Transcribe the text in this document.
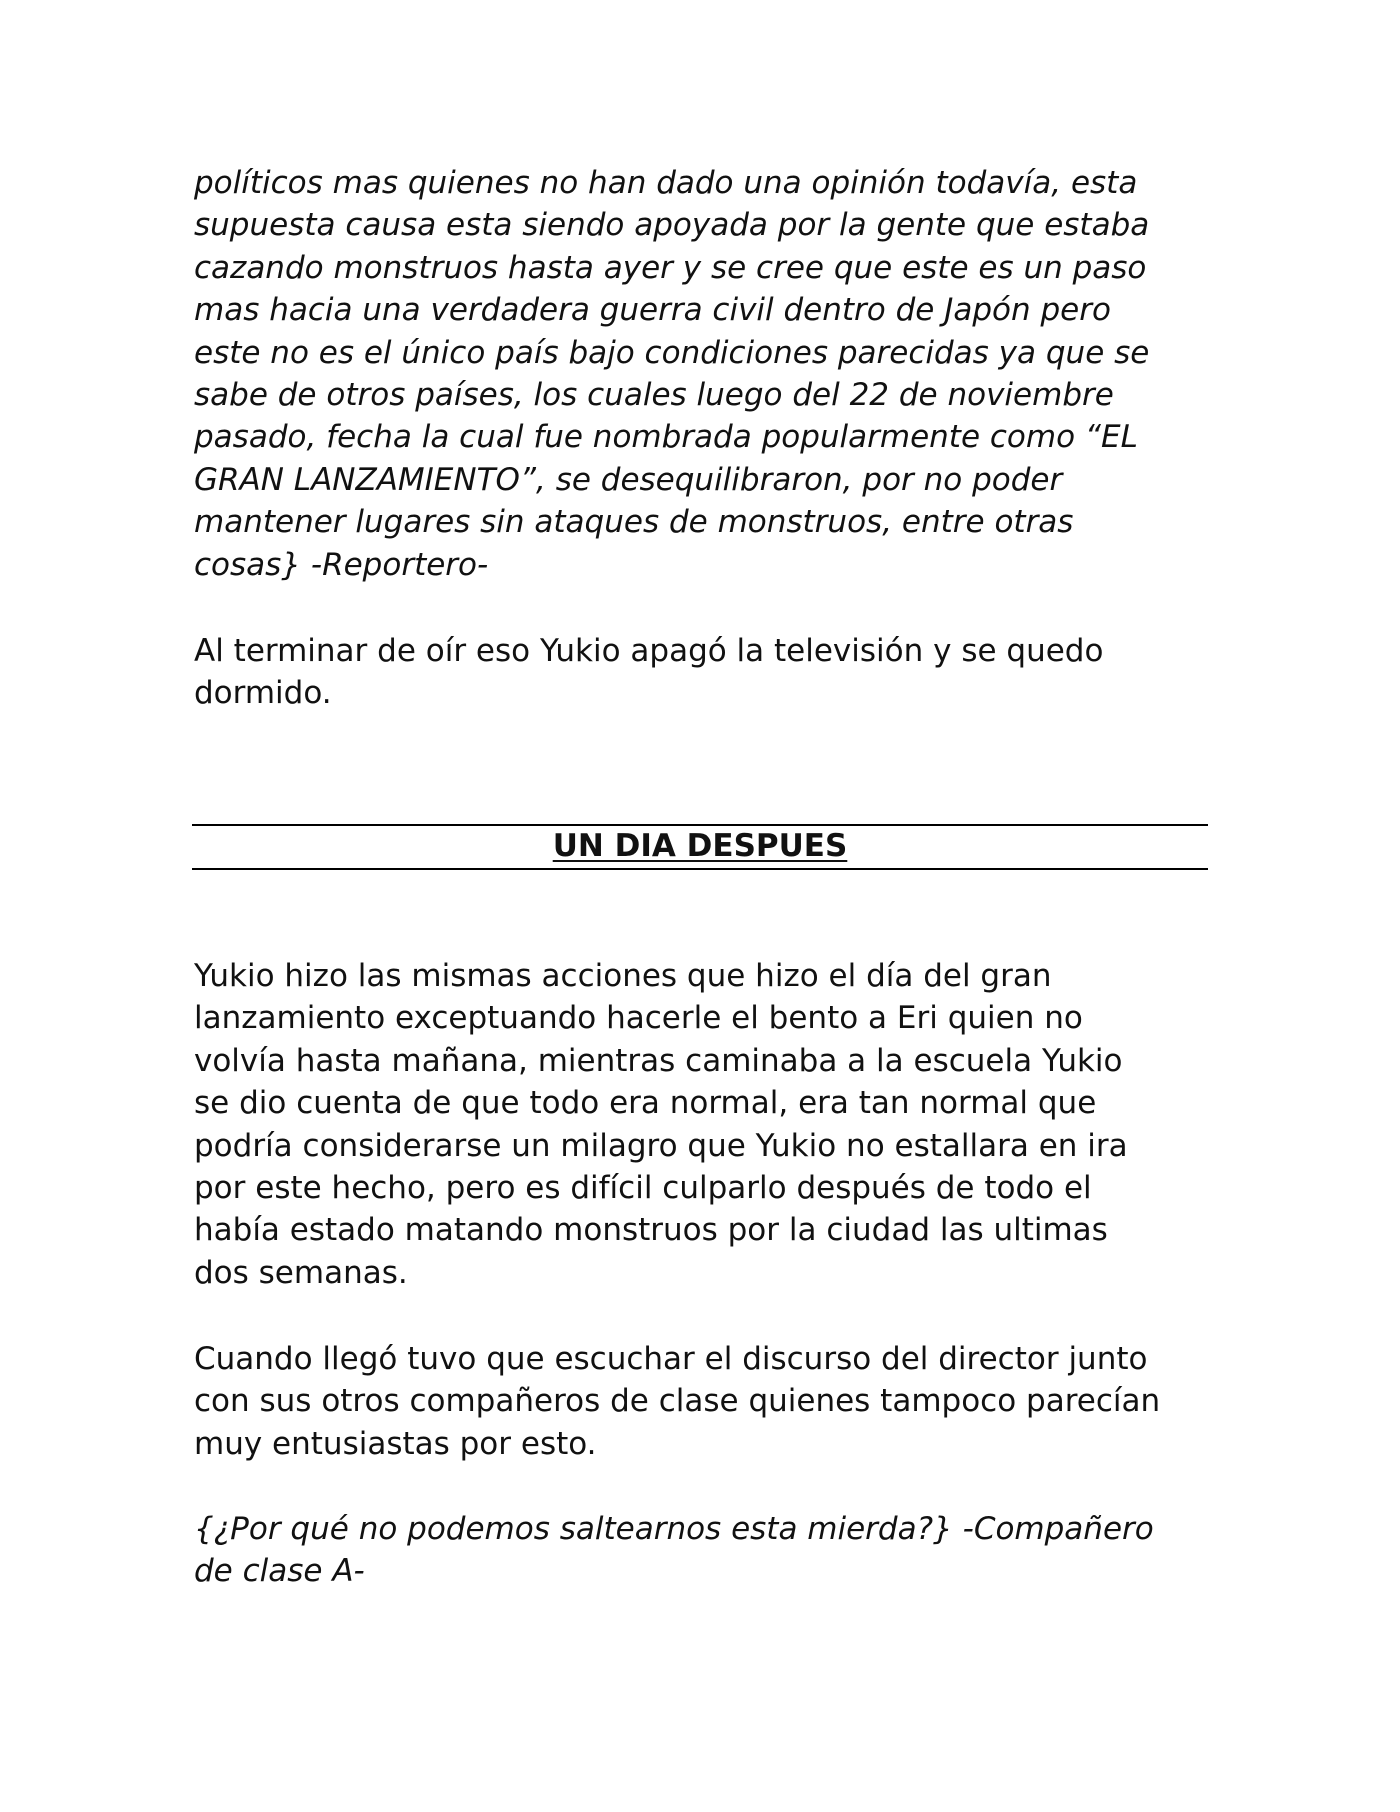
políticos mas quienes no han dado una opinión todavía, esta
supuesta causa esta siendo apoyada por la gente que estaba
cazando monstruos hasta ayer y se cree que este es un paso
mas hacia una verdadera guerra civil dentro de Japón pero
este no es el único país bajo condiciones parecidas ya que se
sabe de otros países, los cuales luego del 22 de noviembre
pasado, fecha la cual fue nombrada popularmente como “EL
GRAN LANZAMIENTO”, se desequilibraron, por no poder
mantener lugares sin ataques de monstruos, entre otras
cosas} -Reportero-
Al terminar de oír eso Yukio apagó la televisión y se quedo
dormido.
UN DIA DESPUES
Yukio hizo las mismas acciones que hizo el día del gran
lanzamiento exceptuando hacerle el bento a Eri quien no
volvía hasta mañana, mientras caminaba a la escuela Yukio
se dio cuenta de que todo era normal, era tan normal que
podría considerarse un milagro que Yukio no estallara en ira
por este hecho, pero es difícil culparlo después de todo el
había estado matando monstruos por la ciudad las ultimas
dos semanas.
Cuando llegó tuvo que escuchar el discurso del director junto
con sus otros compañeros de clase quienes tampoco parecían
muy entusiastas por esto.
{¿Por qué no podemos saltearnos esta mierda?} -Compañero
de clase A-
